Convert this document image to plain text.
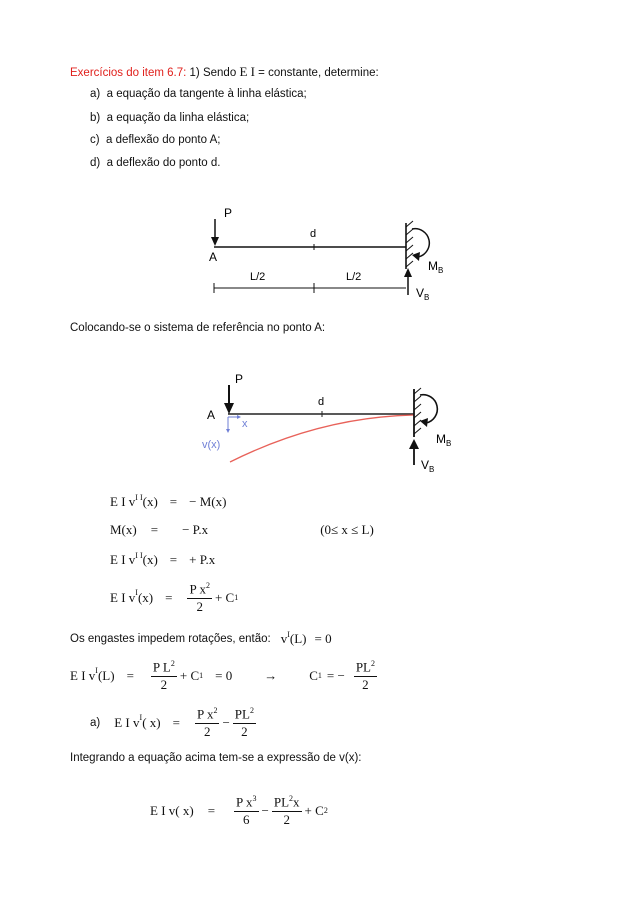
Exercícios do item 6.7: 1) Sendo E I = constante, determine:
a) a equação da tangente à linha elástica;
b)  a equação da linha elástica;
c) a deflexão do ponto A;
d) a deflexão do ponto d.
P
A
d
$M_B$
$V_B$
L/2	L/2
Colocando-se o sistema de referência no ponto A:
P
A
x
v(x)
d
$M_B$
$V_B$
E I $v^{I I}$ (x) = − M(x)
M(x) = − P.x	(0≤ x ≤ L)
E I $v^{I I}$ (x) = + P.x
E I $v^I$ $(x) = \frac{P x^2}{2} + C$ 1
Os engastes impedem rotações, então: $v^I$ (L) = 0
E I $v^I$ $(L) = \frac{P L^2}{2} + C$ 1 = 0 → C 1 = − $\frac{PL^2}{2}$
a) E I $v^I$ ( $x) = \frac{P x^2}{2} - \frac{PL^2}{2}$
Integrando a equação acima tem-se a expressão de v(x):
E I v( $x) = \frac{P x^3}{6} - \frac{PL^2x}{2} + C$ 2
